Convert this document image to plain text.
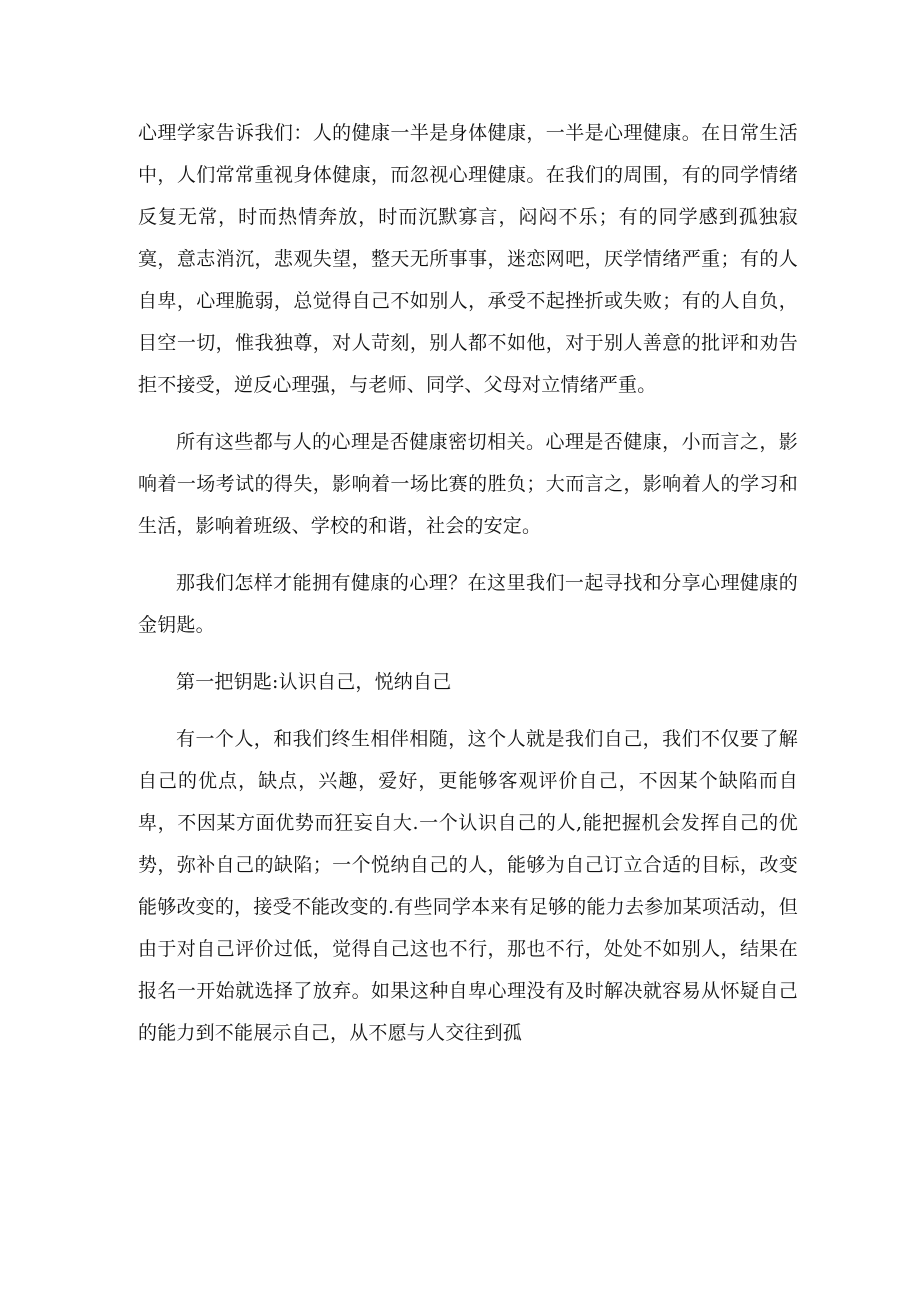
心理学家告诉我们：人的健康一半是身体健康，一半是心理健康。在日常生活中，人们常常重视身体健康，而忽视心理健康。在我们的周围，有的同学情绪反复无常，时而热情奔放，时而沉默寡言，闷闷不乐；有的同学感到孤独寂寞，意志消沉，悲观失望，整天无所事事，迷恋网吧，厌学情绪严重；有的人自卑，心理脆弱，总觉得自己不如别人，承受不起挫折或失败；有的人自负，目空一切，惟我独尊，对人苛刻，别人都不如他，对于别人善意的批评和劝告拒不接受，逆反心理强，与老师、同学、父母对立情绪严重。

所有这些都与人的心理是否健康密切相关。心理是否健康，小而言之，影响着一场考试的得失，影响着一场比赛的胜负；大而言之，影响着人的学习和生活，影响着班级、学校的和谐，社会的安定。

那我们怎样才能拥有健康的心理？在这里我们一起寻找和分享心理健康的金钥匙。

第一把钥匙:认识自己，悦纳自己

有一个人，和我们终生相伴相随，这个人就是我们自己，我们不仅要了解自己的优点，缺点，兴趣，爱好，更能够客观评价自己，不因某个缺陷而自卑，不因某方面优势而狂妄自大.一个认识自己的人,能把握机会发挥自己的优势，弥补自己的缺陷；一个悦纳自己的人，能够为自己订立合适的目标，改变能够改变的，接受不能改变的.有些同学本来有足够的能力去参加某项活动，但由于对自己评价过低，觉得自己这也不行，那也不行，处处不如别人，结果在报名一开始就选择了放弃。如果这种自卑心理没有及时解决就容易从怀疑自己的能力到不能展示自己，从不愿与人交往到孤
